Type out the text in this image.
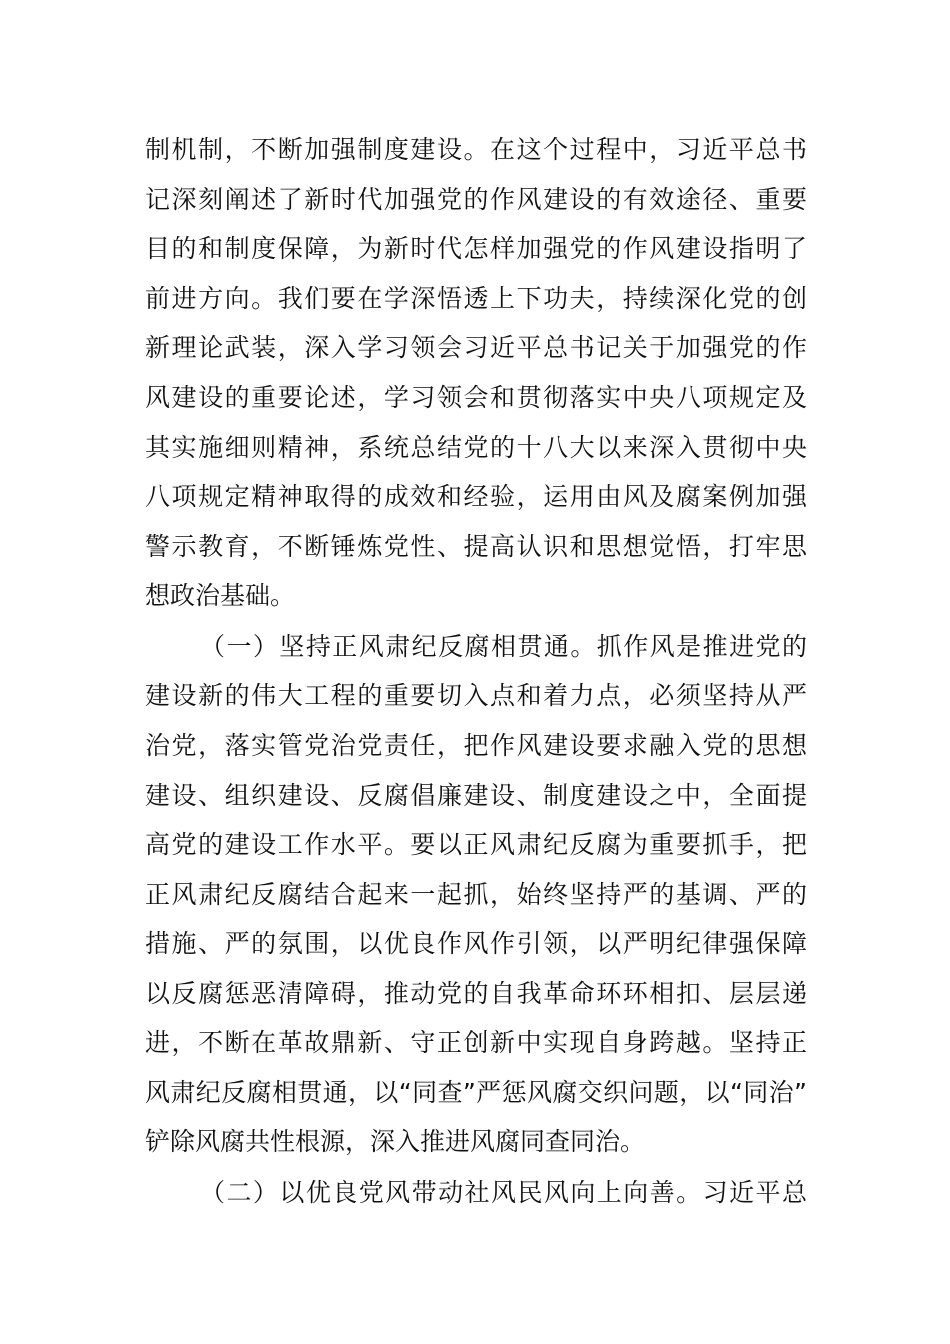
制机制，不断加强制度建设。在这个过程中，习近平总书
记深刻阐述了新时代加强党的作风建设的有效途径、重要
目的和制度保障，为新时代怎样加强党的作风建设指明了
前进方向。我们要在学深悟透上下功夫，持续深化党的创
新理论武装，深入学习领会习近平总书记关于加强党的作
风建设的重要论述，学习领会和贯彻落实中央八项规定及
其实施细则精神，系统总结党的十八大以来深入贯彻中央
八项规定精神取得的成效和经验，运用由风及腐案例加强
警示教育，不断锤炼党性、提高认识和思想觉悟，打牢思
想政治基础。
（一）坚持正风肃纪反腐相贯通。抓作风是推进党的
建设新的伟大工程的重要切入点和着力点，必须坚持从严
治党，落实管党治党责任，把作风建设要求融入党的思想
建设、组织建设、反腐倡廉建设、制度建设之中，全面提
高党的建设工作水平。要以正风肃纪反腐为重要抓手，把
正风肃纪反腐结合起来一起抓，始终坚持严的基调、严的
措施、严的氛围，以优良作风作引领，以严明纪律强保障
以反腐惩恶清障碍，推动党的自我革命环环相扣、层层递
进，不断在革故鼎新、守正创新中实现自身跨越。坚持正
风肃纪反腐相贯通，以“同查”严惩风腐交织问题，以“同治”
铲除风腐共性根源，深入推进风腐同查同治。
（二）以优良党风带动社风民风向上向善。习近平总
